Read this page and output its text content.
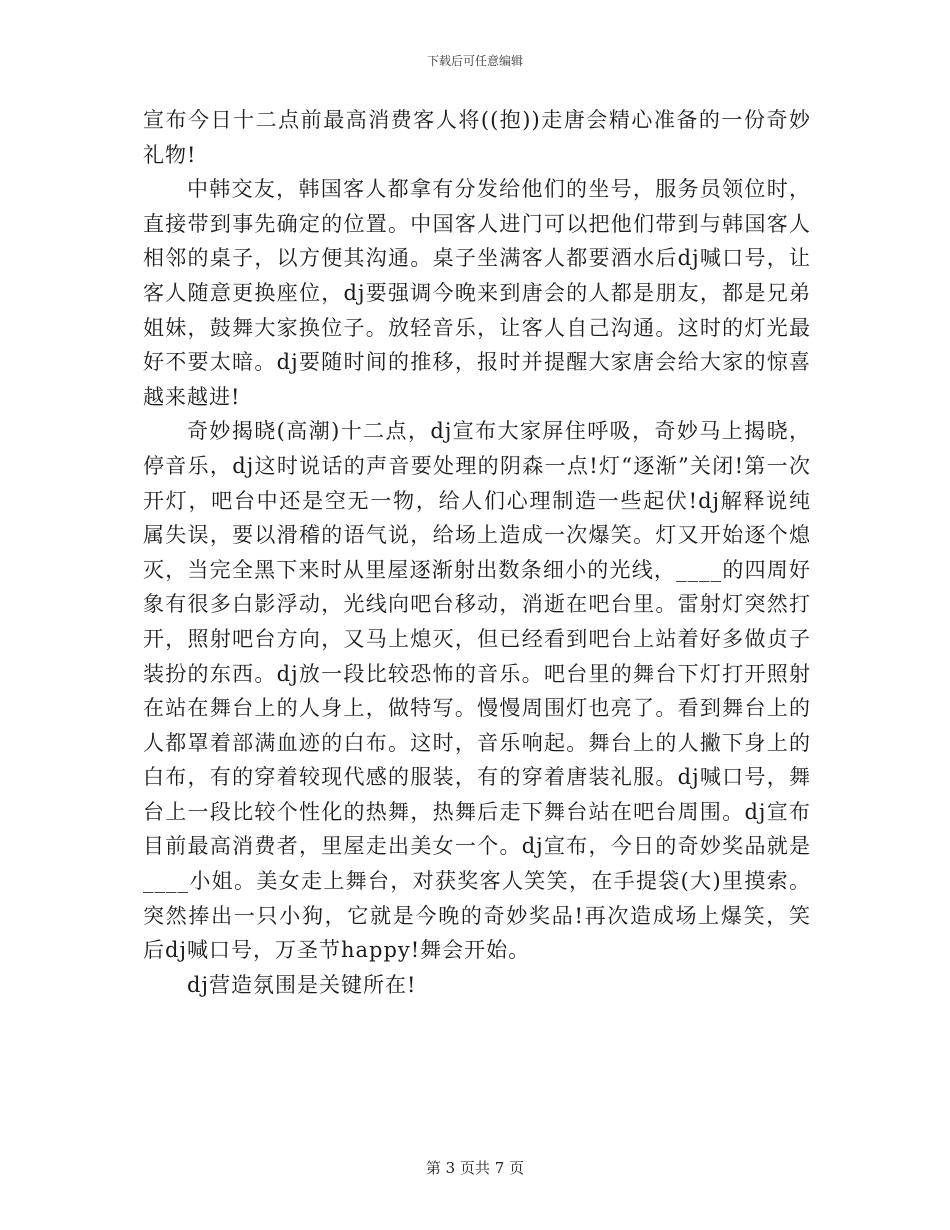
下载后可任意编辑

宣布今日十二点前最高消费客人将((抱))走唐会精心准备的一份奇妙礼物!

中韩交友，韩国客人都拿有分发给他们的坐号，服务员领位时，直接带到事先确定的位置。中国客人进门可以把他们带到与韩国客人相邻的桌子，以方便其沟通。桌子坐满客人都要酒水后dj喊口号，让客人随意更换座位，dj要强调今晚来到唐会的人都是朋友，都是兄弟姐妹，鼓舞大家换位子。放轻音乐，让客人自己沟通。这时的灯光最好不要太暗。dj要随时间的推移，报时并提醒大家唐会给大家的惊喜越来越进!

奇妙揭晓(高潮)十二点，dj宣布大家屏住呼吸，奇妙马上揭晓，停音乐，dj这时说话的声音要处理的阴森一点!灯“逐渐”关闭!第一次开灯，吧台中还是空无一物，给人们心理制造一些起伏!dj解释说纯属失误，要以滑稽的语气说，给场上造成一次爆笑。灯又开始逐个熄灭，当完全黑下来时从里屋逐渐射出数条细小的光线，____的四周好象有很多白影浮动，光线向吧台移动，消逝在吧台里。雷射灯突然打开，照射吧台方向，又马上熄灭，但已经看到吧台上站着好多做贞子装扮的东西。dj放一段比较恐怖的音乐。吧台里的舞台下灯打开照射在站在舞台上的人身上，做特写。慢慢周围灯也亮了。看到舞台上的人都罩着部满血迹的白布。这时，音乐响起。舞台上的人撇下身上的白布，有的穿着较现代感的服装，有的穿着唐装礼服。dj喊口号，舞台上一段比较个性化的热舞，热舞后走下舞台站在吧台周围。dj宣布目前最高消费者，里屋走出美女一个。dj宣布，今日的奇妙奖品就是____小姐。美女走上舞台，对获奖客人笑笑，在手提袋(大)里摸索。突然捧出一只小狗，它就是今晚的奇妙奖品!再次造成场上爆笑，笑后dj喊口号，万圣节happy!舞会开始。

dj营造氛围是关键所在!

第 3 页共 7 页
